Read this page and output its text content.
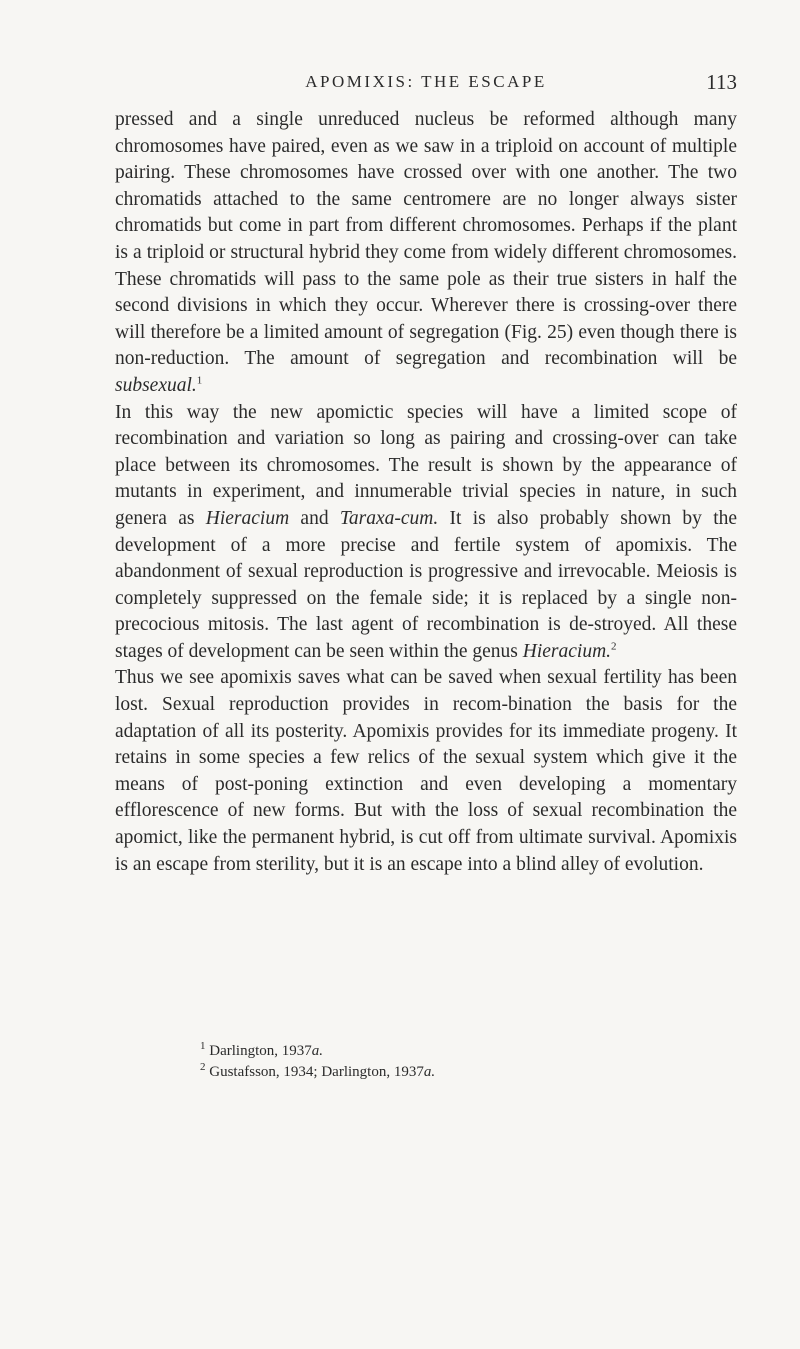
APOMIXIS: THE ESCAPE	113

pressed and a single unreduced nucleus be reformed although many chromosomes have paired, even as we saw in a triploid on account of multiple pairing. These chromosomes have crossed over with one another. The two chromatids attached to the same centromere are no longer always sister chromatids but come in part from different chromosomes. Perhaps if the plant is a triploid or structural hybrid they come from widely different chromosomes. These chromatids will pass to the same pole as their true sisters in half the second divisions in which they occur. Wherever there is crossing-over there will therefore be a limited amount of segregation (Fig. 25) even though there is non-reduction. The amount of segregation and recombination will be subsexual.$^1$

In this way the new apomictic species will have a limited scope of recombination and variation so long as pairing and crossing-over can take place between its chromosomes. The result is shown by the appearance of mutants in experiment, and innumerable trivial species in nature, in such genera as Hieracium and Taraxa-cum. It is also probably shown by the development of a more precise and fertile system of apomixis. The abandonment of sexual reproduction is progressive and irrevocable. Meiosis is completely suppressed on the female side; it is replaced by a single non-precocious mitosis. The last agent of recombination is de-stroyed. All these stages of development can be seen within the genus Hieracium.$^2$

Thus we see apomixis saves what can be saved when sexual fertility has been lost. Sexual reproduction provides in recom-bination the basis for the adaptation of all its posterity. Apomixis provides for its immediate progeny. It retains in some species a few relics of the sexual system which give it the means of post-poning extinction and even developing a momentary efflorescence of new forms. But with the loss of sexual recombination the apomict, like the permanent hybrid, is cut off from ultimate survival. Apomixis is an escape from sterility, but it is an escape into a blind alley of evolution.

$^1$ Darlington, 1937a.

$^2$ Gustafsson, 1934; Darlington, 1937a.
